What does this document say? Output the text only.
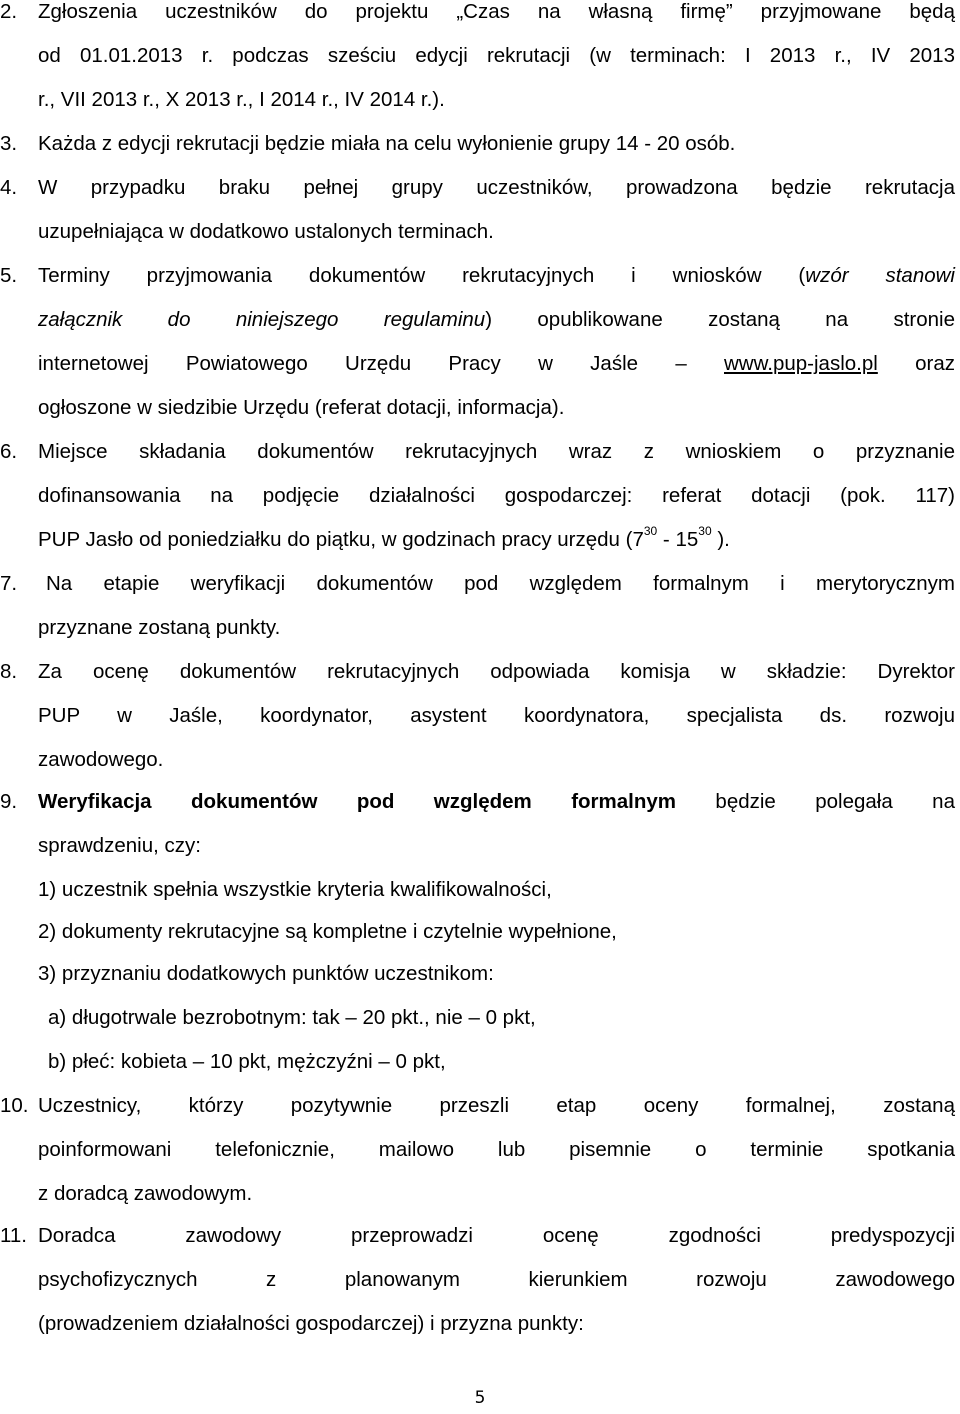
2. Zgłoszenia uczestników do projektu „Czas na własną firmę” przyjmowane będą
od 01.01.2013 r. podczas sześciu edycji rekrutacji (w terminach: I 2013 r., IV 2013
r., VII 2013 r., X 2013 r., I 2014 r., IV 2014 r.).
3. Każda z edycji rekrutacji będzie miała na celu wyłonienie grupy 14 - 20 osób.
4. W przypadku braku pełnej grupy uczestników, prowadzona będzie rekrutacja
uzupełniająca w dodatkowo ustalonych terminach.
5. Terminy przyjmowania dokumentów rekrutacyjnych i wniosków (wzór stanowi
załącznik do niniejszego regulaminu) opublikowane zostaną na stronie
internetowej Powiatowego Urzędu Pracy w Jaśle – www.pup-jaslo.pl oraz
ogłoszone w siedzibie Urzędu (referat dotacji, informacja).
6. Miejsce składania dokumentów rekrutacyjnych wraz z wnioskiem o przyznanie
dofinansowania na podjęcie działalności gospodarczej: referat dotacji (pok. 117)
PUP Jasło od poniedziałku do piątku, w godzinach pracy urzędu ($7^{30} - 15^{30}$ ).
7. Na etapie weryfikacji dokumentów pod względem formalnym i merytorycznym
przyznane zostaną punkty.
8. Za ocenę dokumentów rekrutacyjnych odpowiada komisja w składzie: Dyrektor
PUP w Jaśle, koordynator, asystent koordynatora, specjalista ds. rozwoju
zawodowego.
9. Weryfikacja dokumentów pod względem formalnym będzie polegała na
sprawdzeniu, czy:
1) uczestnik spełnia wszystkie kryteria kwalifikowalności,
2) dokumenty rekrutacyjne są kompletne i czytelnie wypełnione,
3) przyznaniu dodatkowych punktów uczestnikom:
a) długotrwale bezrobotnym: tak – 20 pkt., nie – 0 pkt,
b) płeć: kobieta – 10 pkt, mężczyźni – 0 pkt,
10. Uczestnicy, którzy pozytywnie przeszli etap oceny formalnej, zostaną
poinformowani telefonicznie, mailowo lub pisemnie o terminie spotkania
z doradcą zawodowym.
11. Doradca zawodowy przeprowadzi ocenę zgodności predyspozycji
psychofizycznych z planowanym kierunkiem rozwoju zawodowego
(prowadzeniem działalności gospodarczej) i przyzna punkty:
5
